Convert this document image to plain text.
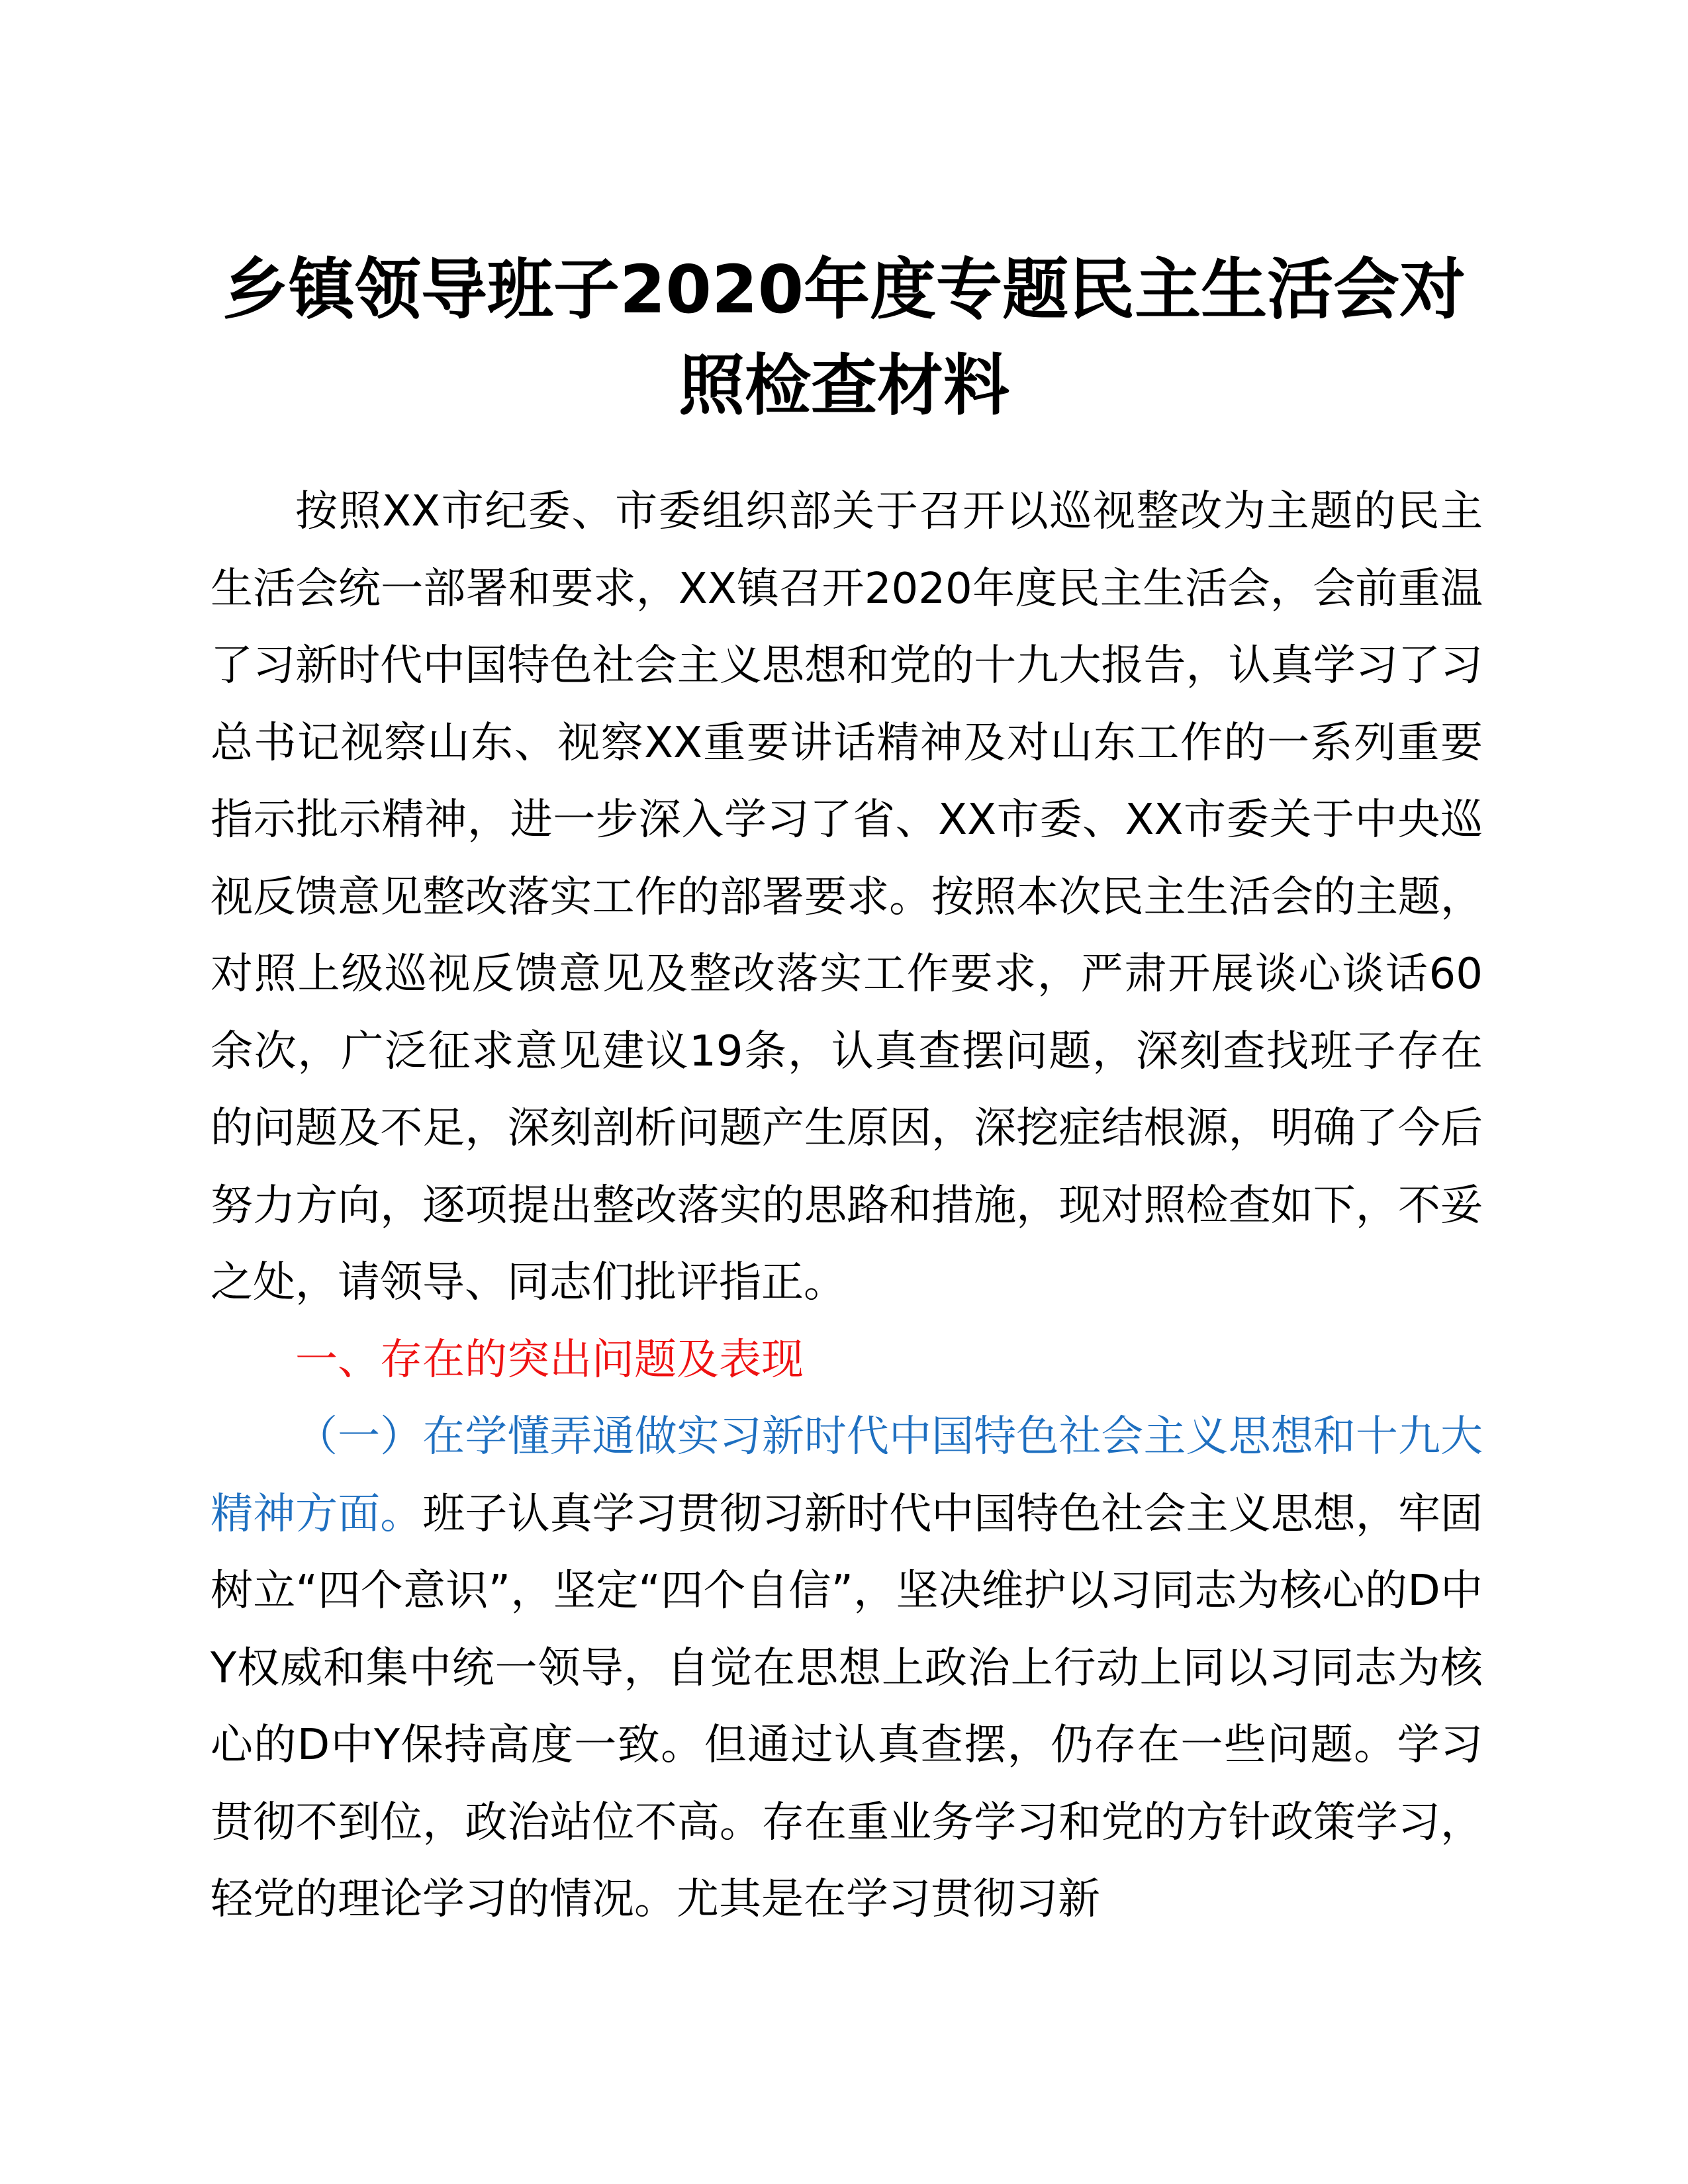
乡镇领导班子2020年度专题民主生活会对照检查材料

按照XX市纪委、市委组织部关于召开以巡视整改为主题的民主生活会统一部署和要求，XX镇召开2020年度民主生活会，会前重温了习新时代中国特色社会主义思想和党的十九大报告，认真学习了习总书记视察山东、视察XX重要讲话精神及对山东工作的一系列重要指示批示精神，进一步深入学习了省、XX市委、XX市委关于中央巡视反馈意见整改落实工作的部署要求。按照本次民主生活会的主题，对照上级巡视反馈意见及整改落实工作要求，严肃开展谈心谈话60余次，广泛征求意见建议19条，认真查摆问题，深刻查找班子存在的问题及不足，深刻剖析问题产生原因，深挖症结根源，明确了今后努力方向，逐项提出整改落实的思路和措施，现对照检查如下，不妥之处，请领导、同志们批评指正。

一、存在的突出问题及表现

（一）在学懂弄通做实习新时代中国特色社会主义思想和十九大精神方面。班子认真学习贯彻习新时代中国特色社会主义思想，牢固树立“四个意识”，坚定“四个自信”，坚决维护以习同志为核心的D中Y权威和集中统一领导，自觉在思想上政治上行动上同以习同志为核心的D中Y保持高度一致。但通过认真查摆，仍存在一些问题。学习贯彻不到位，政治站位不高。存在重业务学习和党的方针政策学习，轻党的理论学习的情况。尤其是在学习贯彻习新
